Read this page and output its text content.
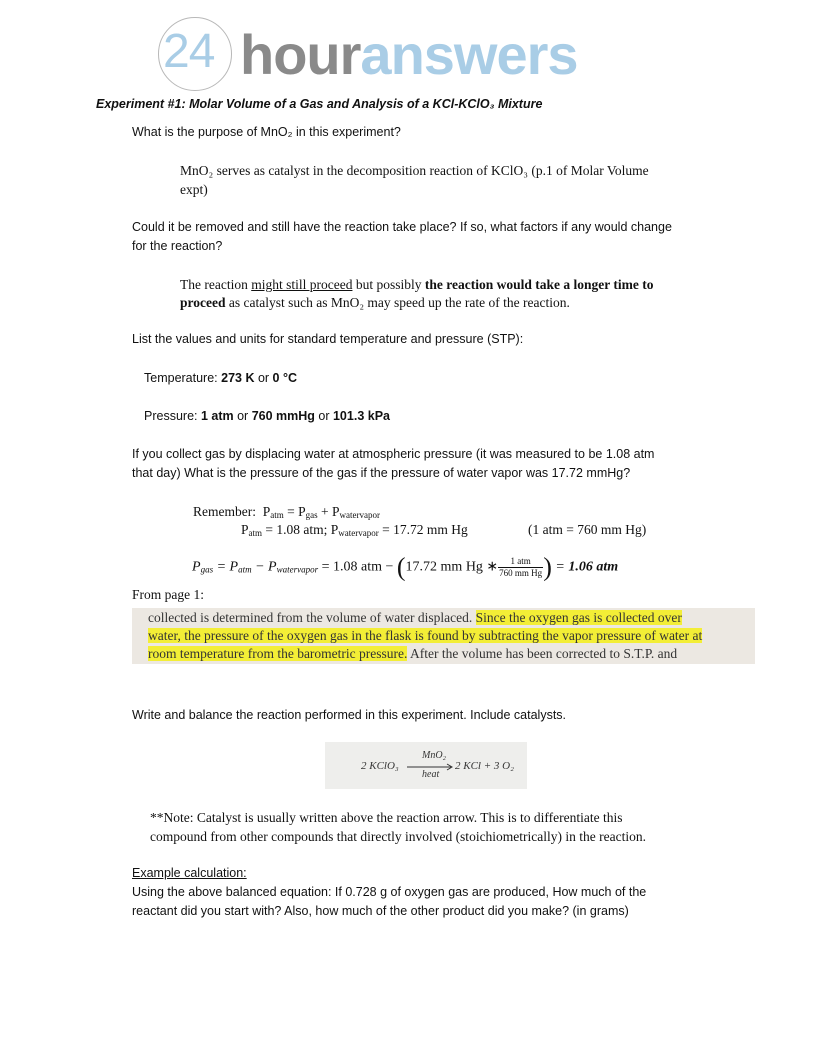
24 houranswers
Experiment #1: Molar Volume of a Gas and Analysis of a KCl-KClO₃ Mixture
What is the purpose of MnO₂ in this experiment?
MnO₂ serves as catalyst in the decomposition reaction of KClO₃ (p.1 of Molar Volume
expt)
Could it be removed and still have the reaction take place? If so, what factors if any would change
for the reaction?
The reaction might still proceed but possibly the reaction would take a longer time to
proceed as catalyst such as MnO₂ may speed up the rate of the reaction.
List the values and units for standard temperature and pressure (STP):
Temperature: 273 K or 0 °C
Pressure: 1 atm or 760 mmHg or 101.3 kPa
If you collect gas by displacing water at atmospheric pressure (it was measured to be 1.08 atm
that day) What is the pressure of the gas if the pressure of water vapor was 17.72 mmHg?
Remember:  $P_{atm} = P_{gas} + P_{watervapor}$
$P_{atm} = 1.08$ atm; $P_{watervapor} = 17.72$ mm Hg	(1 atm = 760 mm Hg)
$P_{gas} = P_{atm} - P_{watervapor} = 1.08$ atm − (17.72 mm Hg ∗ $\frac{\text{1 atm}}{\text{760 mm Hg}}$ ) = 1.06 atm
From page 1:
collected is determined from the volume of water displaced. Since the oxygen gas is collected over
water, the pressure of the oxygen gas in the flask is found by subtracting the vapor pressure of water at
room temperature from the barometric pressure. After the volume has been corrected to S.T.P. and
Write and balance the reaction performed in this experiment. Include catalysts.
2 KClO₃
MnO₂
heat
2 KCl + 3 O₂
**Note: Catalyst is usually written above the reaction arrow. This is to differentiate this
compound from other compounds that directly involved (stoichiometrically) in the reaction.
Example calculation:
Using the above balanced equation: If 0.728 g of oxygen gas are produced, How much of the
reactant did you start with? Also, how much of the other product did you make? (in grams)
